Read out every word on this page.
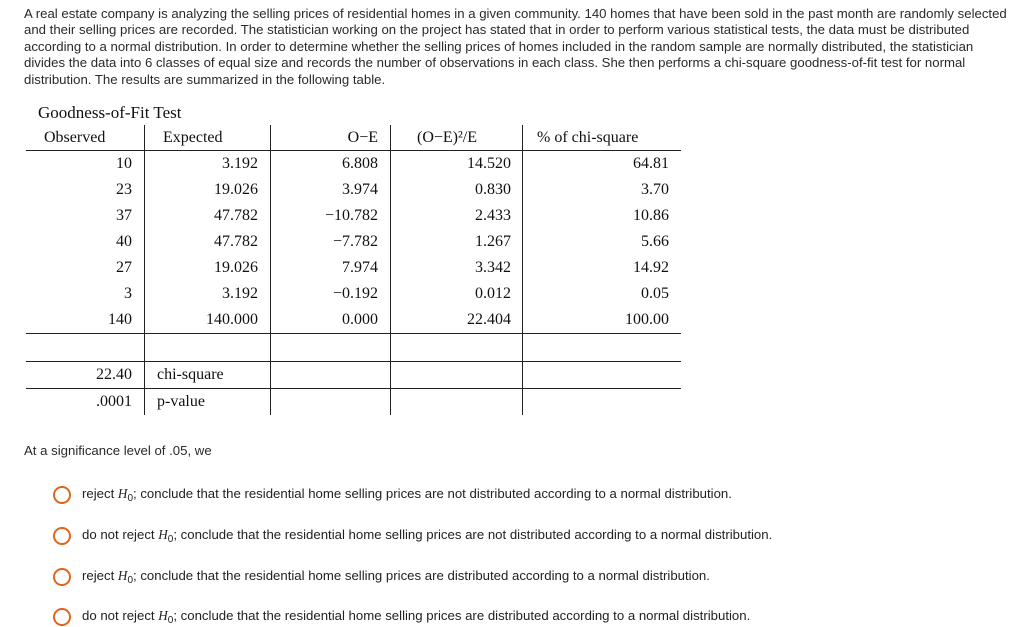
A real estate company is analyzing the selling prices of residential homes in a given community. 140 homes that have been sold in the past month are randomly selected and their selling prices are recorded. The statistician working on the project has stated that in order to perform various statistical tests, the data must be distributed according to a normal distribution. In order to determine whether the selling prices of homes included in the random sample are normally distributed, the statistician divides the data into 6 classes of equal size and records the number of observations in each class. She then performs a chi-square goodness-of-fit test for normal distribution. The results are summarized in the following table.

Goodness-of-Fit Test
Observed	Expected	O−E	(O−E)²/E	% of chi-square
10	3.192	6.808	14.520	64.81
23	19.026	3.974	0.830	3.70
37	47.782	−10.782	2.433	10.86
40	47.782	−7.782	1.267	5.66
27	19.026	7.974	3.342	14.92
3	3.192	−0.192	0.012	0.05
140	140.000	0.000	22.404	100.00

22.40	chi-square			
.0001	p-value			

At a significance level of .05, we

reject $H_0$; conclude that the residential home selling prices are not distributed according to a normal distribution.
do not reject $H_0$; conclude that the residential home selling prices are not distributed according to a normal distribution.
reject $H_0$; conclude that the residential home selling prices are distributed according to a normal distribution.
do not reject $H_0$; conclude that the residential home selling prices are distributed according to a normal distribution.
